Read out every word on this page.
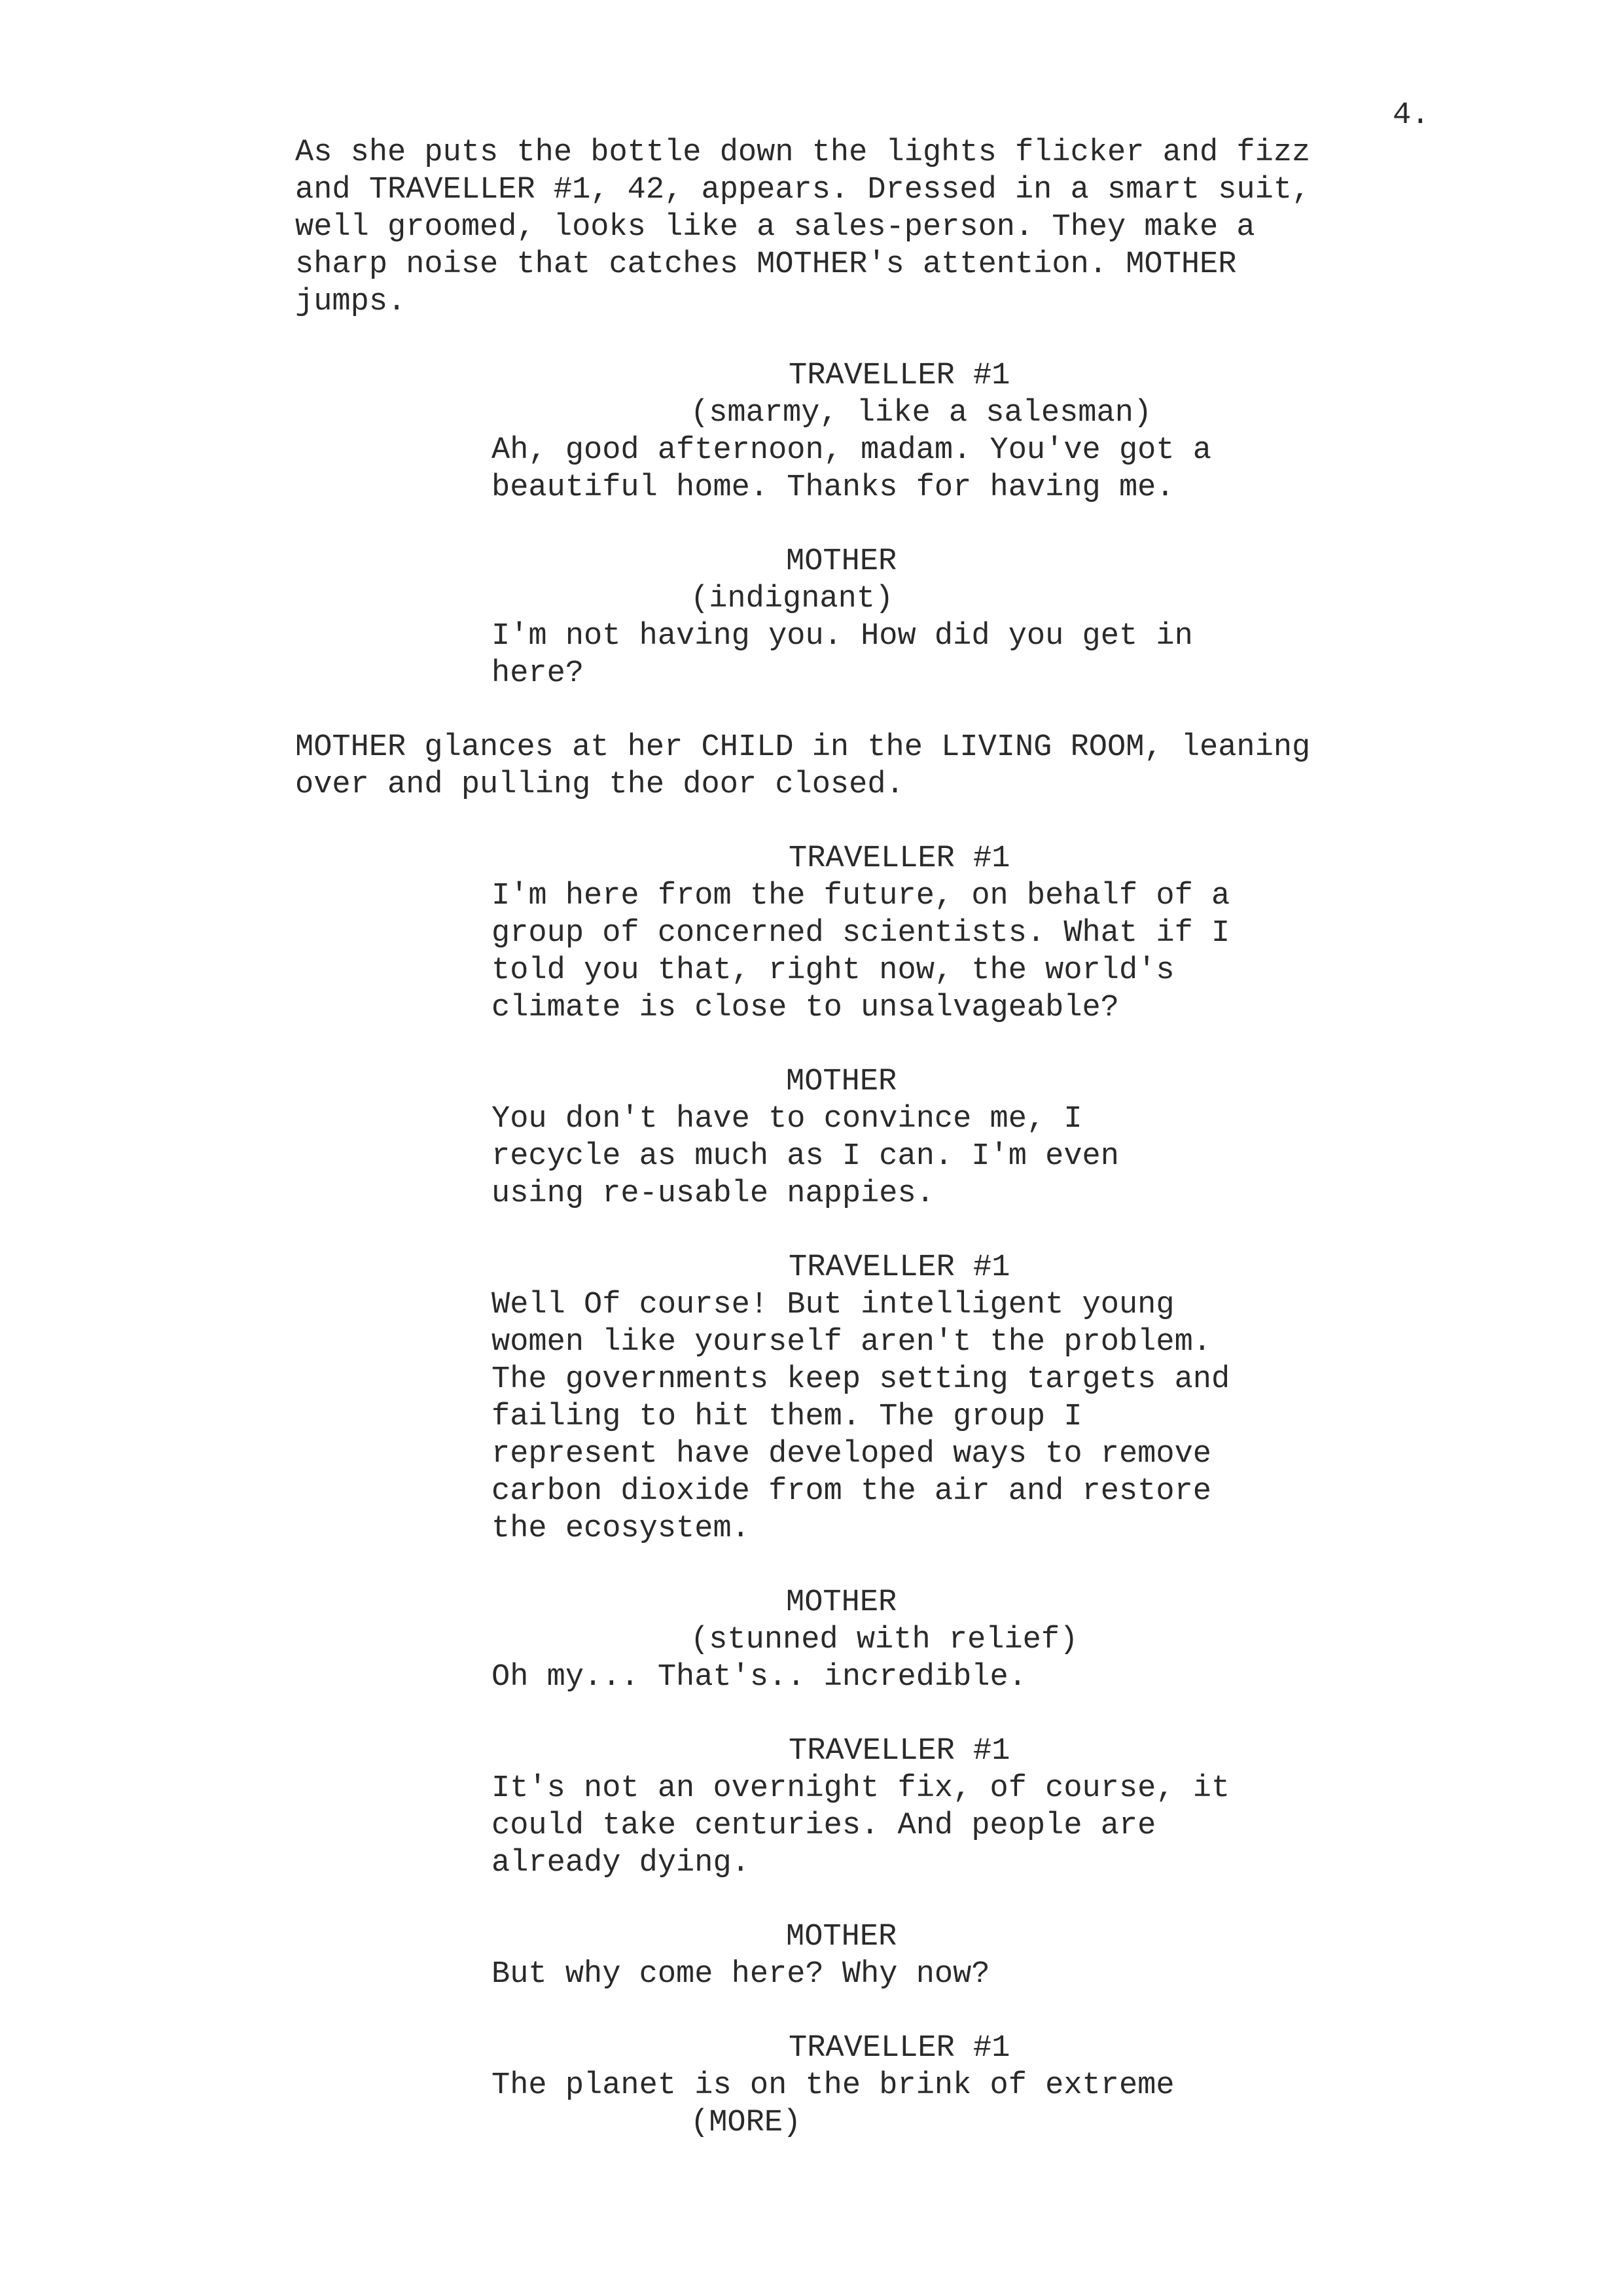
4.
As she puts the bottle down the lights flicker and fizz
and TRAVELLER #1, 42, appears. Dressed in a smart suit,
well groomed, looks like a sales-person. They make a
sharp noise that catches MOTHER's attention. MOTHER
jumps.
TRAVELLER #1
(smarmy, like a salesman)
Ah, good afternoon, madam. You've got a
beautiful home. Thanks for having me.
MOTHER
(indignant)
I'm not having you. How did you get in
here?
MOTHER glances at her CHILD in the LIVING ROOM, leaning
over and pulling the door closed.
TRAVELLER #1
I'm here from the future, on behalf of a
group of concerned scientists. What if I
told you that, right now, the world's
climate is close to unsalvageable?
MOTHER
You don't have to convince me, I
recycle as much as I can. I'm even
using re-usable nappies.
TRAVELLER #1
Well Of course! But intelligent young
women like yourself aren't the problem.
The governments keep setting targets and
failing to hit them. The group I
represent have developed ways to remove
carbon dioxide from the air and restore
the ecosystem.
MOTHER
(stunned with relief)
Oh my... That's.. incredible.
TRAVELLER #1
It's not an overnight fix, of course, it
could take centuries. And people are
already dying.
MOTHER
But why come here? Why now?
TRAVELLER #1
The planet is on the brink of extreme
(MORE)
